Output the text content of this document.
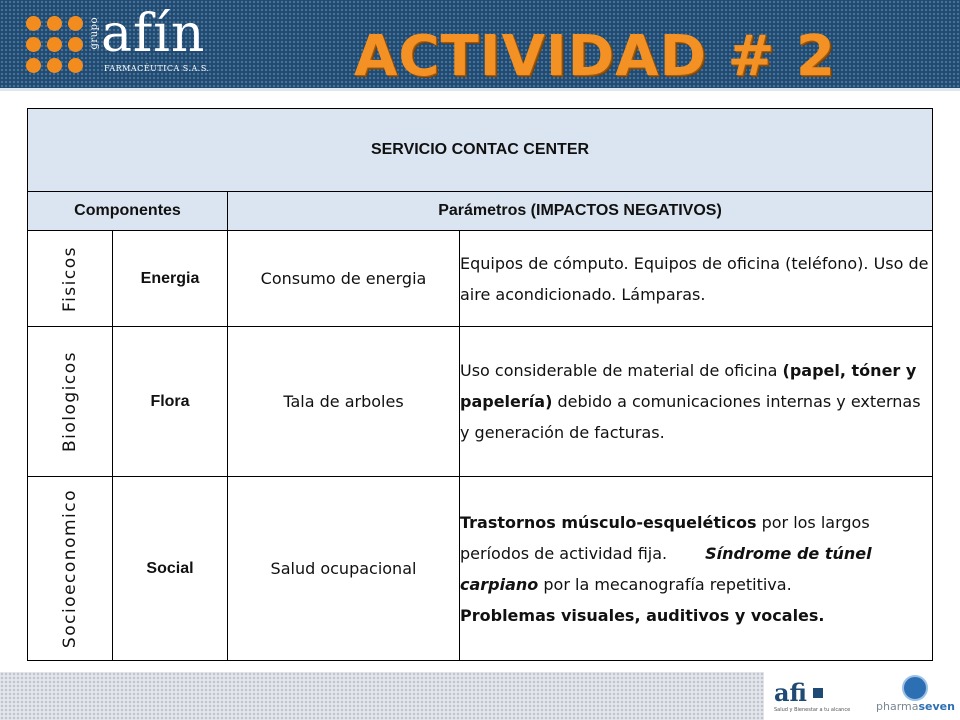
grupo afín
FARMACÉUTICA S.A.S.	ACTIVIDAD # 2
SERVICIO CONTAC CENTER			
Componentes		Parámetros (IMPACTOS NEGATIVOS)	

Fisicos	Energia	Consumo de energia	Equipos de cómputo. Equipos de oficina (teléfono). Uso de aire acondicionado. Lámparas.

Biologicos	Flora	Tala de arboles	Uso considerable de material de oficina (papel, tóner y papelería) debido a comunicaciones internas y externas y generación de facturas.

Socioeconomico	Social	Salud ocupacional	Trastornos músculo-esqueléticos por los largos períodos de actividad fija. Síndrome de túnel carpiano por la mecanografía repetitiva.
Problemas visuales, auditivos y vocales.
afi
Salud y Bienestar a tu alcance pharmaseven
